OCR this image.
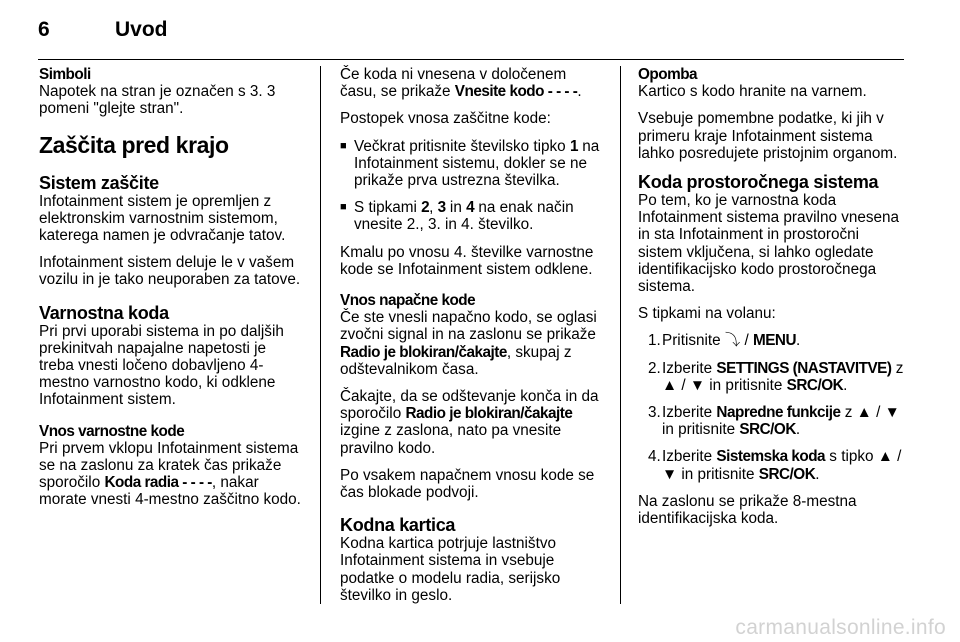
6	Uvod
Simboli

Napotek na stran je označen s 3. 3 pomeni "glejte stran".

Zaščita pred krajo
Sistem zaščite

Infotainment sistem je opremljen z elektronskim varnostnim sistemom, katerega namen je odvračanje tatov.

Infotainment sistem deluje le v vašem vozilu in je tako neuporaben za tatove.

Varnostna koda

Pri prvi uporabi sistema in po daljših prekinitvah napajalne napetosti je treba vnesti ločeno dobavljeno 4-mestno varnostno kodo, ki odklene Infotainment sistem.

Vnos varnostne kode

Pri prvem vklopu Infotainment sistema se na zaslonu za kratek čas prikaže sporočilo Koda radia - - - -, nakar morate vnesti 4-mestno zaščitno kodo.

Če koda ni vnesena v določenem času, se prikaže Vnesite kodo - - - -.

Postopek vnosa zaščitne kode:

■ Večkrat pritisnite številsko tipko 1 na Infotainment sistemu, dokler se ne prikaže prva ustrezna številka.
■ S tipkami 2, 3 in 4 na enak način vnesite 2., 3. in 4. številko.

Kmalu po vnosu 4. številke varnostne kode se Infotainment sistem odklene.

Vnos napačne kode

Če ste vnesli napačno kodo, se oglasi zvočni signal in na zaslonu se prikaže Radio je blokiran/čakajte, skupaj z odštevalnikom časa.

Čakajte, da se odštevanje konča in da sporočilo Radio je blokiran/čakajte izgine z zaslona, nato pa vnesite pravilno kodo.

Po vsakem napačnem vnosu kode se čas blokade podvoji.

Kodna kartica

Kodna kartica potrjuje lastništvo Infotainment sistema in vsebuje podatke o modelu radia, serijsko številko in geslo.

Opomba

Kartico s kodo hranite na varnem.

Vsebuje pomembne podatke, ki jih v primeru kraje Infotainment sistema lahko posredujete pristojnim organom.

Koda prostoročnega sistema

Po tem, ko je varnostna koda Infotainment sistema pravilno vnesena in sta Infotainment in prostoročni sistem vključena, si lahko ogledate identifikacijsko kodo prostoročnega sistema.

S tipkami na volanu:

1. Pritisnite ⤵ / MENU.
2. Izberite SETTINGS (NASTAVITVE) z ▲ / ▼ in pritisnite SRC/OK.
3. Izberite Napredne funkcije z ▲ / ▼ in pritisnite SRC/OK.
4. Izberite Sistemska koda s tipko ▲ / ▼ in pritisnite SRC/OK.

Na zaslonu se prikaže 8-mestna identifikacijska koda.

carmanualsonline.info
